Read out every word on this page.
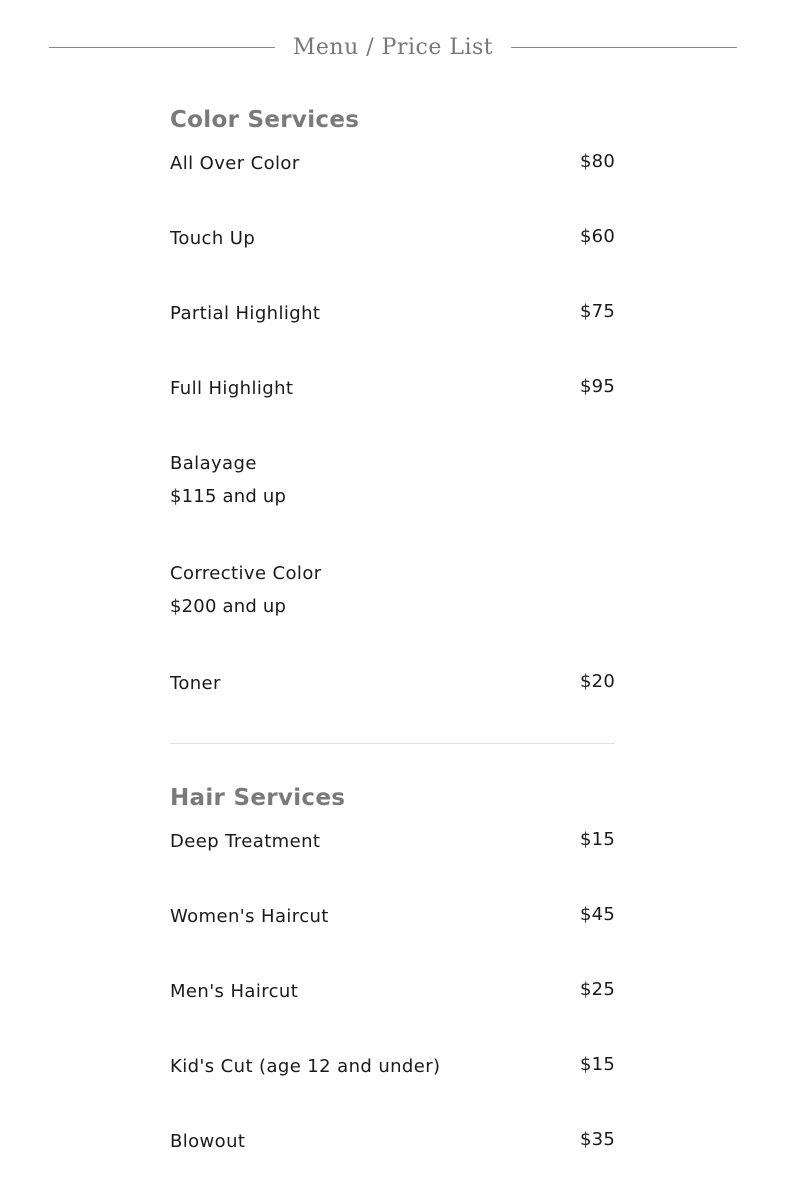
Menu / Price List
Color Services
All Over Color	$80
Touch Up	$60
Partial Highlight	$75
Full Highlight	$95
Balayage
$115 and up
Corrective Color
$200 and up
Toner	$20
Hair Services
Deep Treatment	$15
Women's Haircut	$45
Men's Haircut	$25
Kid's Cut (age 12 and under)	$15
Blowout	$35
